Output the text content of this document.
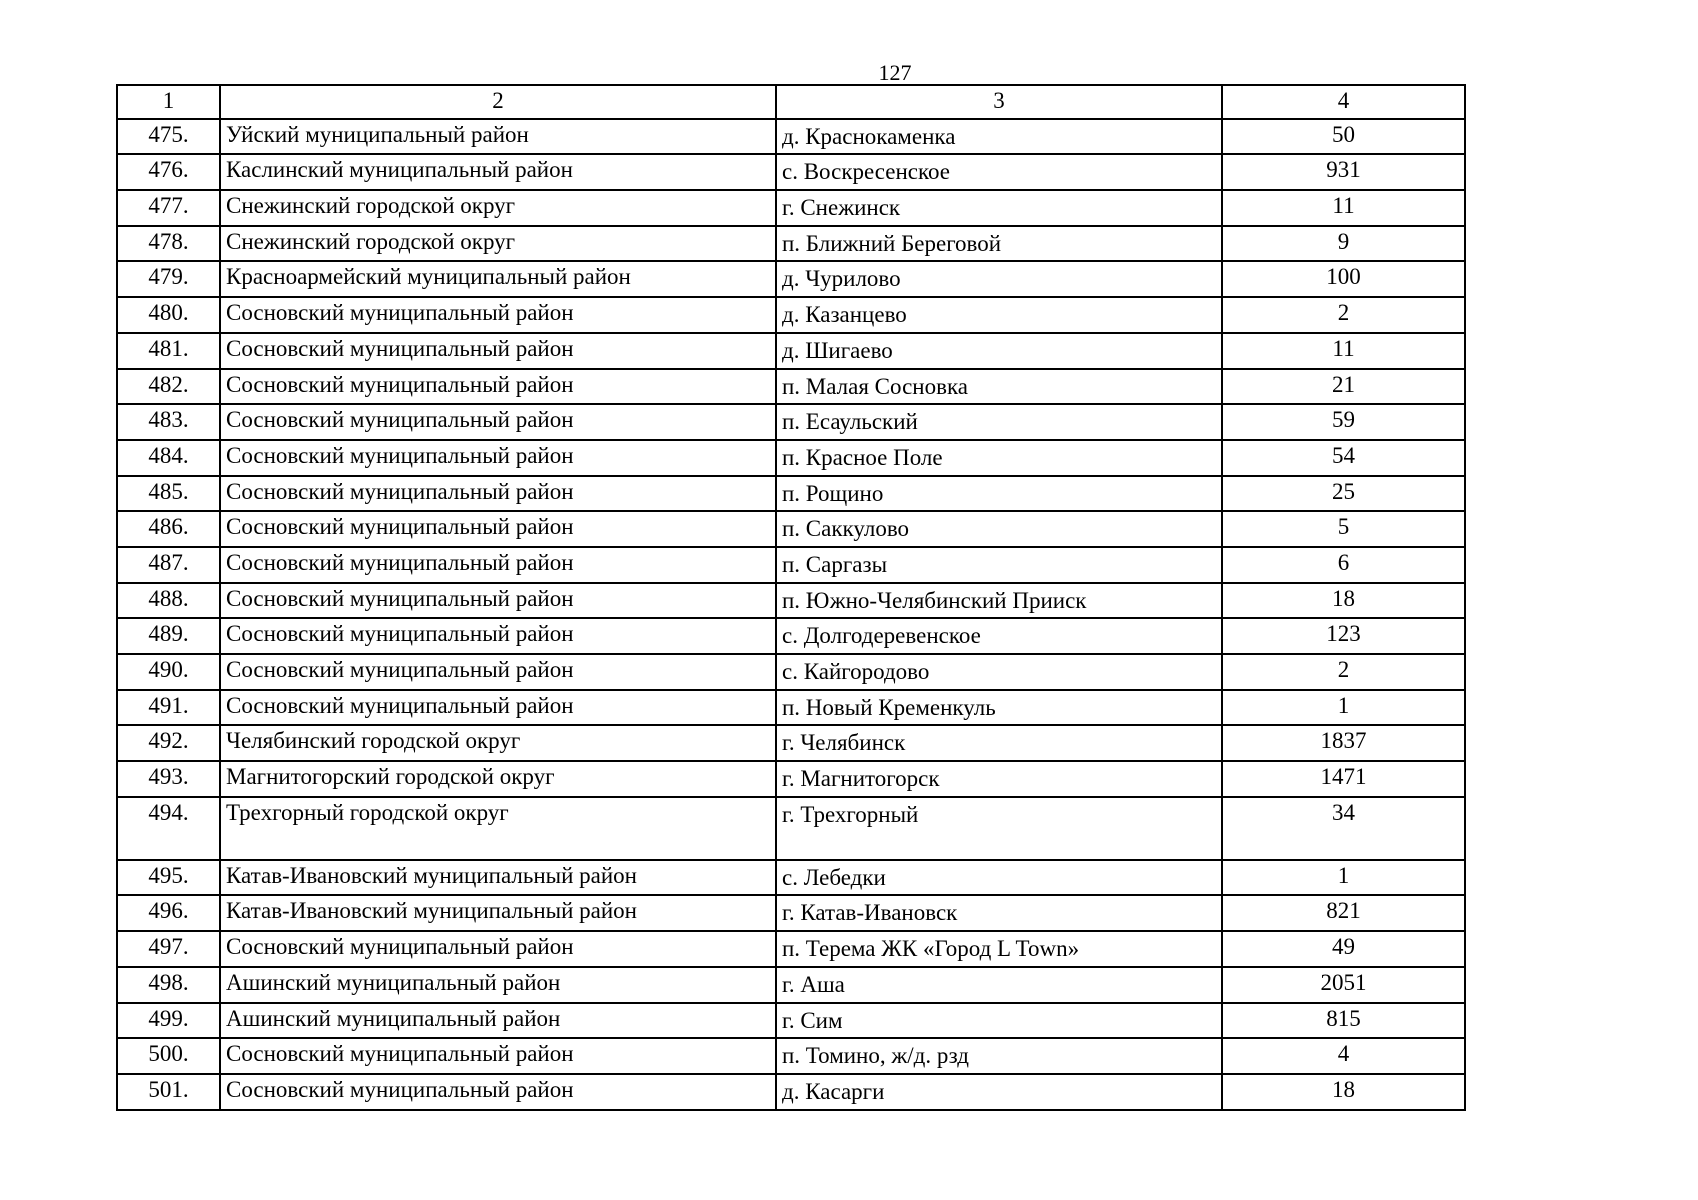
127
1	2	3	4
475.	Уйский муниципальный район	д. Краснокаменка	50
476.	Каслинский муниципальный район	с. Воскресенское	931
477.	Снежинский городской округ	г. Снежинск	11
478.	Снежинский городской округ	п. Ближний Береговой	9
479.	Красноармейский муниципальный район	д. Чурилово	100
480.	Сосновский муниципальный район	д. Казанцево	2
481.	Сосновский муниципальный район	д. Шигаево	11
482.	Сосновский муниципальный район	п. Малая Сосновка	21
483.	Сосновский муниципальный район	п. Есаульский	59
484.	Сосновский муниципальный район	п. Красное Поле	54
485.	Сосновский муниципальный район	п. Рощино	25
486.	Сосновский муниципальный район	п. Саккулово	5
487.	Сосновский муниципальный район	п. Саргазы	6
488.	Сосновский муниципальный район	п. Южно-Челябинский Прииск	18
489.	Сосновский муниципальный район	с. Долгодеревенское	123
490.	Сосновский муниципальный район	с. Кайгородово	2
491.	Сосновский муниципальный район	п. Новый Кременкуль	1
492.	Челябинский городской округ	г. Челябинск	1837
493.	Магнитогорский городской округ	г. Магнитогорск	1471
494.	Трехгорный городской округ	г. Трехгорный	34
495.	Катав-Ивановский муниципальный район	с. Лебедки	1
496.	Катав-Ивановский муниципальный район	г. Катав-Ивановск	821
497.	Сосновский муниципальный район	п. Терема ЖК «Город L Town»	49
498.	Ашинский муниципальный район	г. Аша	2051
499.	Ашинский муниципальный район	г. Сим	815
500.	Сосновский муниципальный район	п. Томино, ж/д. рзд	4
501.	Сосновский муниципальный район	д. Касарги	18
